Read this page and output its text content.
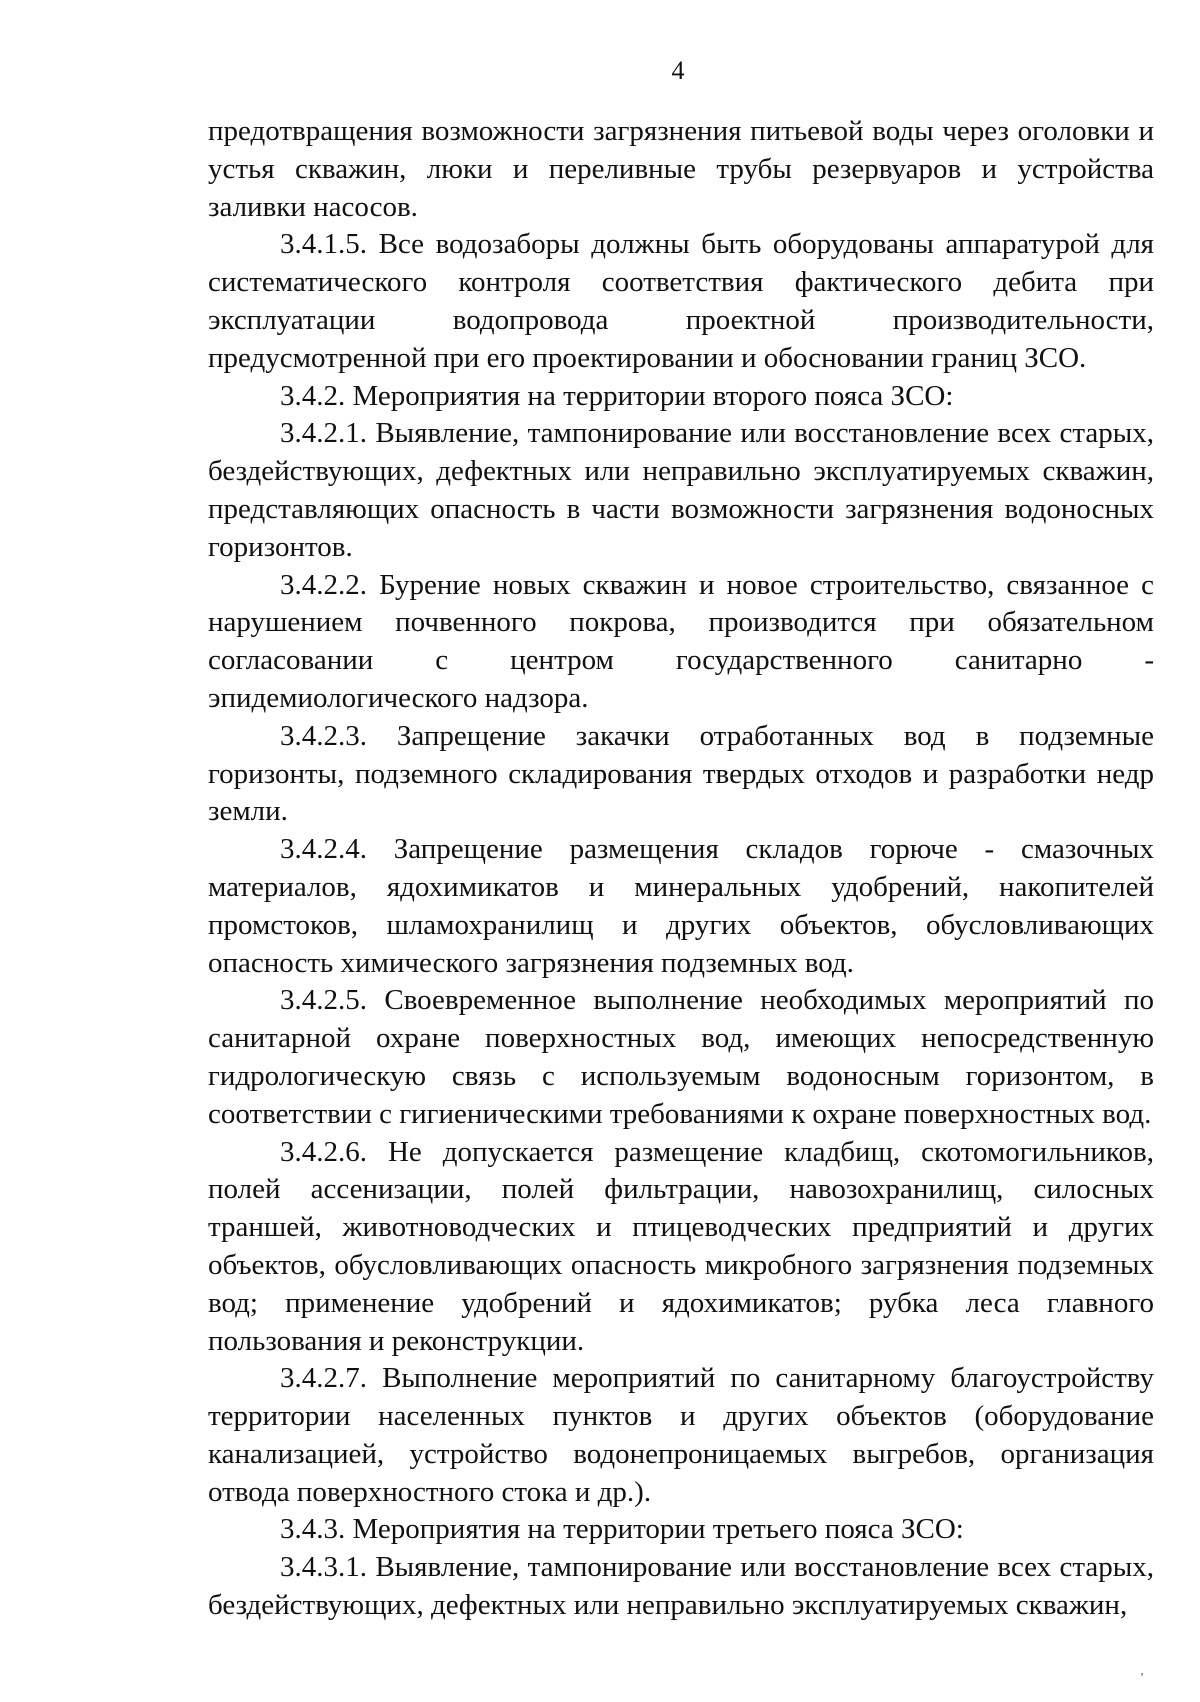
4

предотвращения возможности загрязнения питьевой воды через оголовки и устья скважин, люки и переливные трубы резервуаров и устройства заливки насосов.

3.4.1.5. Все водозаборы должны быть оборудованы аппаратурой для систематического контроля соответствия фактического дебита при эксплуатации водопровода проектной производительности, предусмотренной при его проектировании и обосновании границ ЗСО.

3.4.2. Мероприятия на территории второго пояса ЗСО:

3.4.2.1. Выявление, тампонирование или восстановление всех старых, бездействующих, дефектных или неправильно эксплуатируемых скважин, представляющих опасность в части возможности загрязнения водоносных горизонтов.

3.4.2.2. Бурение новых скважин и новое строительство, связанное с нарушением почвенного покрова, производится при обязательном согласовании с центром государственного санитарно - эпидемиологического надзора.

3.4.2.3. Запрещение закачки отработанных вод в подземные горизонты, подземного складирования твердых отходов и разработки недр земли.

3.4.2.4. Запрещение размещения складов горюче - смазочных материалов, ядохимикатов и минеральных удобрений, накопителей промстоков, шламохранилищ и других объектов, обусловливающих опасность химического загрязнения подземных вод.

3.4.2.5. Своевременное выполнение необходимых мероприятий по санитарной охране поверхностных вод, имеющих непосредственную гидрологическую связь с используемым водоносным горизонтом, в соответствии с гигиеническими требованиями к охране поверхностных вод.

3.4.2.6. Не допускается размещение кладбищ, скотомогильников, полей ассенизации, полей фильтрации, навозохранилищ, силосных траншей, животноводческих и птицеводческих предприятий и других объектов, обусловливающих опасность микробного загрязнения подземных вод; применение удобрений и ядохимикатов; рубка леса главного пользования и реконструкции.

3.4.2.7. Выполнение мероприятий по санитарному благоустройству территории населенных пунктов и других объектов (оборудование канализацией, устройство водонепроницаемых выгребов, организация отвода поверхностного стока и др.).

3.4.3. Мероприятия на территории третьего пояса ЗСО:

3.4.3.1. Выявление, тампонирование или восстановление всех старых, бездействующих, дефектных или неправильно эксплуатируемых скважин,

ʼ
